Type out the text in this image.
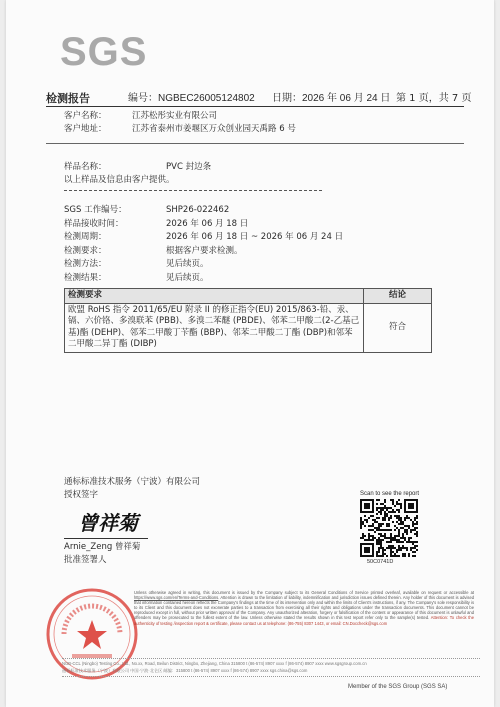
SGS
检测报告	编号：NGBEC26005124802 日期：2026 年 06 月 24 日 第 1 页，共 7 页
客户名称：	江苏松彤实业有限公司
客户地址：	江苏省泰州市姜堰区万众创业园天禹路 6 号
样品名称：	PVC 封边条
以上样品及信息由客户提供。
SGS 工作编号：	SHP26-022462
样品接收时间：	2026 年 06 月 18 日
检测周期：	2026 年 06 月 18 日 ~ 2026 年 06 月 24 日
检测要求：	根据客户要求检测。
检测方法：	见后续页。
检测结果：	见后续页。
检测要求	结论
欧盟 RoHS 指令 2011/65/EU 附录 II 的修正指令(EU) 2015/863-铅、汞、镉、六价铬、多溴联苯 (PBB)、多溴二苯醚 (PBDE)、邻苯二甲酸二(2-乙基己基)酯 (DEHP)、邻苯二甲酸丁苄酯 (BBP)、邻苯二甲酸二丁酯 (DBP)和邻苯二甲酸二异丁酯 (DIBP)	符合
通标标准技术服务（宁波）有限公司
授权签字
曾祥菊
Arnie_Zeng 曾祥菊
批准签署人
Scan to see the report
50C0741D
Unless otherwise agreed in writing, this document is issued by the Company subject to its General Conditions of Service printed overleaf, available on request or accessible at https://www.sgs.com/en/Terms-and-Conditions. Attention is drawn to the limitation of liability, indemnification and jurisdiction issues defined therein. Any holder of this document is advised that information contained hereon reflects the Company's findings at the time of its intervention only and within the limits of Client's instructions, if any. The Company's sole responsibility is to its Client and this document does not exonerate parties to a transaction from exercising all their rights and obligations under the transaction documents. This document cannot be reproduced except in full, without prior written approval of the Company. Any unauthorized alteration, forgery or falsification of the content or appearance of this document is unlawful and offenders may be prosecuted to the fullest extent of the law. Unless otherwise stated the results shown in this test report refer only to the sample(s) tested. Attention: To check the authenticity of testing /inspection report & certificate, please contact us at telephone: (86-755) 8307 1443, or email: CN.Doccheck@sgs.com
NGB-CCL (Ningbo) Testing Co., Ltd., No.xx, Road, Beilun District, Ningbo, Zhejiang, China 315800 t (86-574) 8907 xxxx f (86-574) 8907 xxxx www.sgsgroup.com.cn
通标标准技术服务（宁波）有限公司 中国·宁波·北仑区 邮编：315800 t (86-574) 8907 xxxx f (86-574) 8907 xxxx sgs.china@sgs.com
Member of the SGS Group (SGS SA)
